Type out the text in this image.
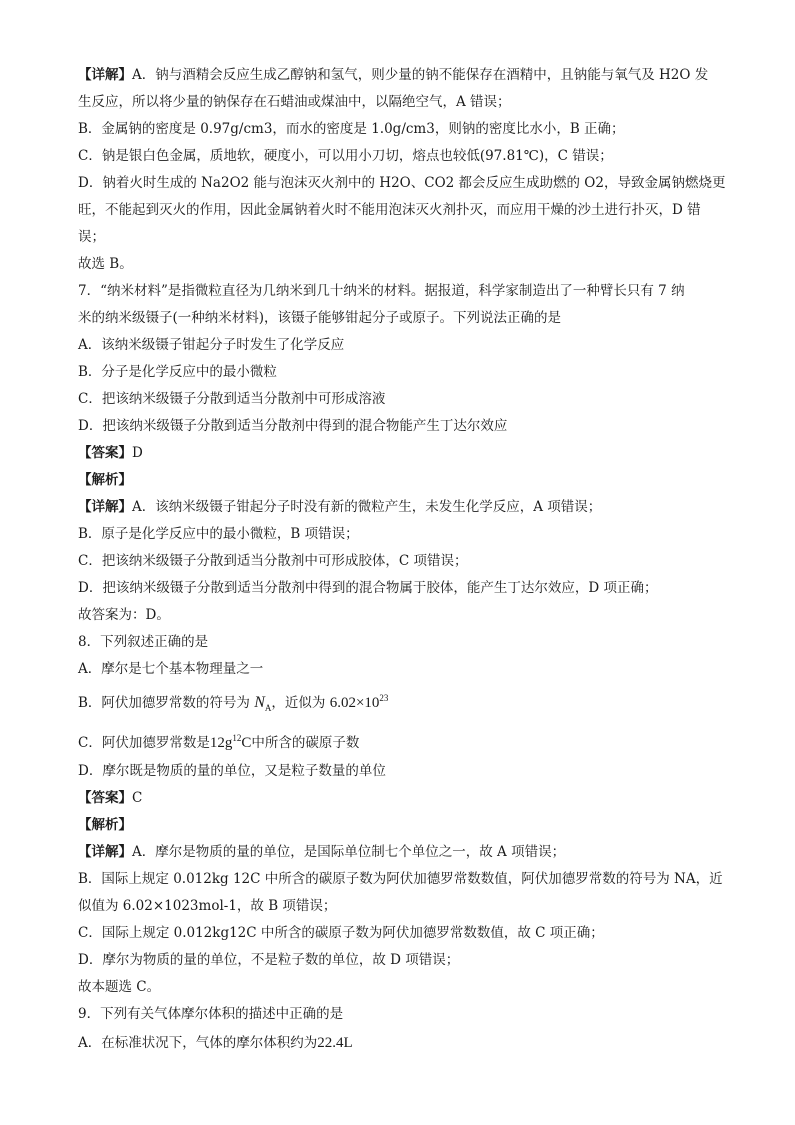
【详解】A．钠与酒精会反应生成乙醇钠和氢气，则少量的钠不能保存在酒精中，且钠能与氧气及 H2O 发
生反应，所以将少量的钠保存在石蜡油或煤油中，以隔绝空气，A 错误；
B．金属钠的密度是 0.97g/cm3，而水的密度是 1.0g/cm3，则钠的密度比水小，B 正确；
C．钠是银白色金属，质地软，硬度小，可以用小刀切，熔点也较低(97.81℃)，C 错误；
D．钠着火时生成的 Na2O2 能与泡沫灭火剂中的 H2O、CO2 都会反应生成助燃的 O2，导致金属钠燃烧更
旺，不能起到灭火的作用，因此金属钠着火时不能用泡沫灭火剂扑灭，而应用干燥的沙土进行扑灭，D 错
误；
故选 B。
7．“纳米材料”是指微粒直径为几纳米到几十纳米的材料。据报道，科学家制造出了一种臂长只有 7 纳
米的纳米级镊子(一种纳米材料)，该镊子能够钳起分子或原子。下列说法正确的是
A．该纳米级镊子钳起分子时发生了化学反应
B．分子是化学反应中的最小微粒
C．把该纳米级镊子分散到适当分散剂中可形成溶液
D．把该纳米级镊子分散到适当分散剂中得到的混合物能产生丁达尔效应
【答案】D
【解析】
【详解】A．该纳米级镊子钳起分子时没有新的微粒产生，未发生化学反应，A 项错误；
B．原子是化学反应中的最小微粒，B 项错误；
C．把该纳米级镊子分散到适当分散剂中可形成胶体，C 项错误；
D．把该纳米级镊子分散到适当分散剂中得到的混合物属于胶体，能产生丁达尔效应，D 项正确；
故答案为：D。
8．下列叙述正确的是
A．摩尔是七个基本物理量之一
B．阿伏加德罗常数的符号为 $N_A$，近似为 $6.02\times 10^{23}$
C．阿伏加德罗常数是$12g^{12}C$中所含的碳原子数
D．摩尔既是物质的量的单位，又是粒子数量的单位
【答案】C
【解析】
【详解】A．摩尔是物质的量的单位，是国际单位制七个单位之一，故 A 项错误；
B．国际上规定 0.012kg 12C 中所含的碳原子数为阿伏加德罗常数数值，阿伏加德罗常数的符号为 NA，近
似值为 6.02×1023mol-1，故 B 项错误；
C．国际上规定 0.012kg12C 中所含的碳原子数为阿伏加德罗常数数值，故 C 项正确；
D．摩尔为物质的量的单位，不是粒子数的单位，故 D 项错误；
故本题选 C。
9．下列有关气体摩尔体积的描述中正确的是
A．在标准状况下，气体的摩尔体积约为22.4L
